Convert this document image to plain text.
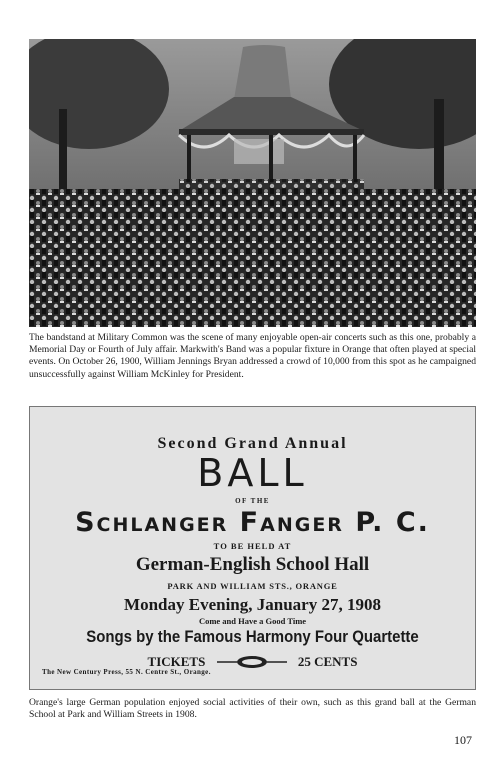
The bandstand at Military Common was the scene of many enjoyable open-air concerts such as this one, probably a Memorial Day or Fourth of July affair. Markwith's Band was a popular fixture in Orange that often played at special events. On October 26, 1900, William Jennings Bryan addressed a crowd of 10,000 from this spot as he campaigned unsuccessfully against William McKinley for President.

Second Grand Annual

BALL

OF THE

Schlanger Fanger P. C.

TO BE HELD AT

German-English School Hall

PARK AND WILLIAM STS., ORANGE

Monday Evening, January 27, 1908

Come and Have a Good Time

Songs by the Famous Harmony Four Quartette

TICKETS	25 CENTS

The New Century Press, 55 N. Centre St., Orange.

Orange's large German population enjoyed social activities of their own, such as this grand ball at the German School at Park and William Streets in 1908.

107
